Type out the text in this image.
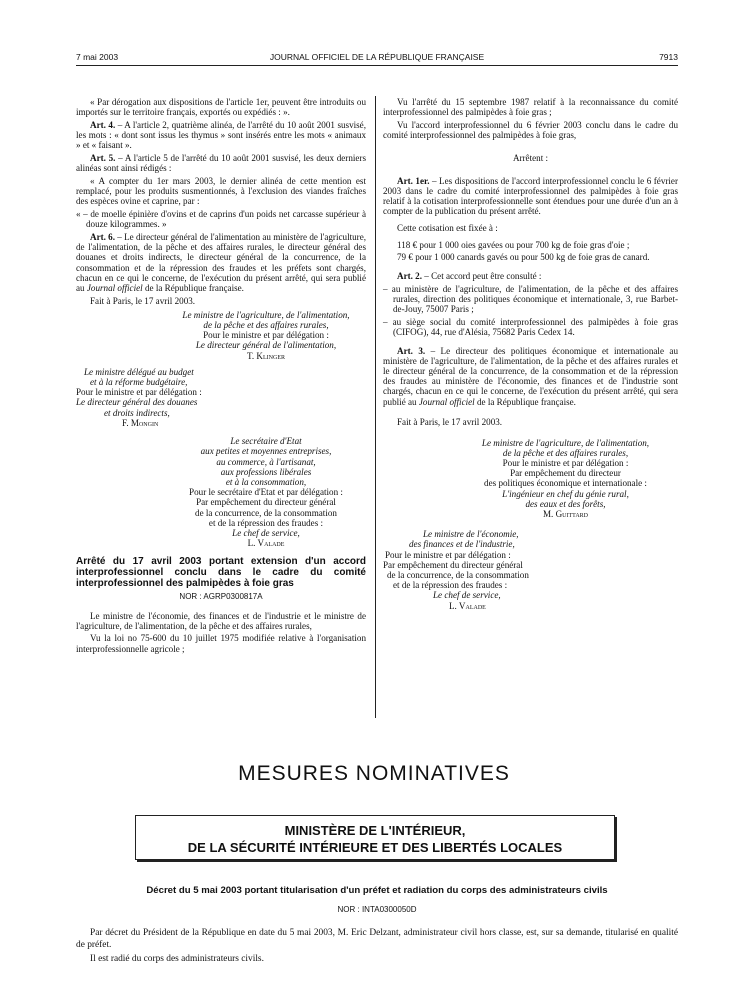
7 mai 2003	JOURNAL OFFICIEL DE LA RÉPUBLIQUE FRANÇAISE	7913

« Par dérogation aux dispositions de l'article 1er, peuvent être introduits ou importés sur le territoire français, exportés ou expédiés : ».

Art. 4. – A l'article 2, quatrième alinéa, de l'arrêté du 10 août 2001 susvisé, les mots : « dont sont issus les thymus » sont insérés entre les mots « animaux » et « faisant ».

Art. 5. – A l'article 5 de l'arrêté du 10 août 2001 susvisé, les deux derniers alinéas sont ainsi rédigés :

« A compter du 1er mars 2003, le dernier alinéa de cette mention est remplacé, pour les produits susmentionnés, à l'exclusion des viandes fraîches des espèces ovine et caprine, par :

« – de moelle épinière d'ovins et de caprins d'un poids net carcasse supérieur à douze kilogrammes. »

Art. 6. – Le directeur général de l'alimentation au ministère de l'agriculture, de l'alimentation, de la pêche et des affaires rurales, le directeur général des douanes et droits indirects, le directeur général de la concurrence, de la consommation et de la répression des fraudes et les préfets sont chargés, chacun en ce qui le concerne, de l'exécution du présent arrêté, qui sera publié au Journal officiel de la République française.

Fait à Paris, le 17 avril 2003.

Le ministre de l'agriculture, de l'alimentation,
de la pêche et des affaires rurales,
Pour le ministre et par délégation :
Le directeur général de l'alimentation,
T. Klinger
Le ministre délégué au budget
et à la réforme budgétaire,
Pour le ministre et par délégation :
Le directeur général des douanes
et droits indirects,
F. Mongin
Le secrétaire d'Etat
aux petites et moyennes entreprises,
au commerce, à l'artisanat,
aux professions libérales
et à la consommation,
Pour le secrétaire d'Etat et par délégation :
Par empêchement du directeur général
de la concurrence, de la consommation
et de la répression des fraudes :
Le chef de service,
L. Valade

Arrêté du 17 avril 2003 portant extension d'un accord interprofessionnel conclu dans le cadre du comité interprofessionnel des palmipèdes à foie gras

NOR : AGRP0300817A

Le ministre de l'économie, des finances et de l'industrie et le ministre de l'agriculture, de l'alimentation, de la pêche et des affaires rurales,

Vu la loi no 75-600 du 10 juillet 1975 modifiée relative à l'organisation interprofessionnelle agricole ;

Vu l'arrêté du 15 septembre 1987 relatif à la reconnaissance du comité interprofessionnel des palmipèdes à foie gras ;

Vu l'accord interprofessionnel du 6 février 2003 conclu dans le cadre du comité interprofessionnel des palmipèdes à foie gras,

Arrêtent :

Art. 1er. – Les dispositions de l'accord interprofessionnel conclu le 6 février 2003 dans le cadre du comité interprofessionnel des palmipèdes à foie gras relatif à la cotisation interprofessionnelle sont étendues pour une durée d'un an à compter de la publication du présent arrêté.

Cette cotisation est fixée à :

118 € pour 1 000 oies gavées ou pour 700 kg de foie gras d'oie ;

79 € pour 1 000 canards gavés ou pour 500 kg de foie gras de canard.

Art. 2. – Cet accord peut être consulté :

– au ministère de l'agriculture, de l'alimentation, de la pêche et des affaires rurales, direction des politiques économique et internationale, 3, rue Barbet-de-Jouy, 75007 Paris ;

– au siège social du comité interprofessionnel des palmipèdes à foie gras (CIFOG), 44, rue d'Alésia, 75682 Paris Cedex 14.

Art. 3. – Le directeur des politiques économique et internationale au ministère de l'agriculture, de l'alimentation, de la pêche et des affaires rurales et le directeur général de la concurrence, de la consommation et de la répression des fraudes au ministère de l'économie, des finances et de l'industrie sont chargés, chacun en ce qui le concerne, de l'exécution du présent arrêté, qui sera publié au Journal officiel de la République française.

Fait à Paris, le 17 avril 2003.

Le ministre de l'agriculture, de l'alimentation,
de la pêche et des affaires rurales,
Pour le ministre et par délégation :
Par empêchement du directeur
des politiques économique et internationale :
L'ingénieur en chef du génie rural,
des eaux et des forêts,
M. Guittard
Le ministre de l'économie,
des finances et de l'industrie,
Pour le ministre et par délégation :
Par empêchement du directeur général
de la concurrence, de la consommation
et de la répression des fraudes :
Le chef de service,
L. Valade
MESURES NOMINATIVES
MINISTÈRE DE L'INTÉRIEUR,
DE LA SÉCURITÉ INTÉRIEURE ET DES LIBERTÉS LOCALES
Décret du 5 mai 2003 portant titularisation d'un préfet et radiation du corps des administrateurs civils
NOR : INTA0300050D

Par décret du Président de la République en date du 5 mai 2003, M. Eric Delzant, administrateur civil hors classe, est, sur sa demande, titularisé en qualité de préfet.

Il est radié du corps des administrateurs civils.
